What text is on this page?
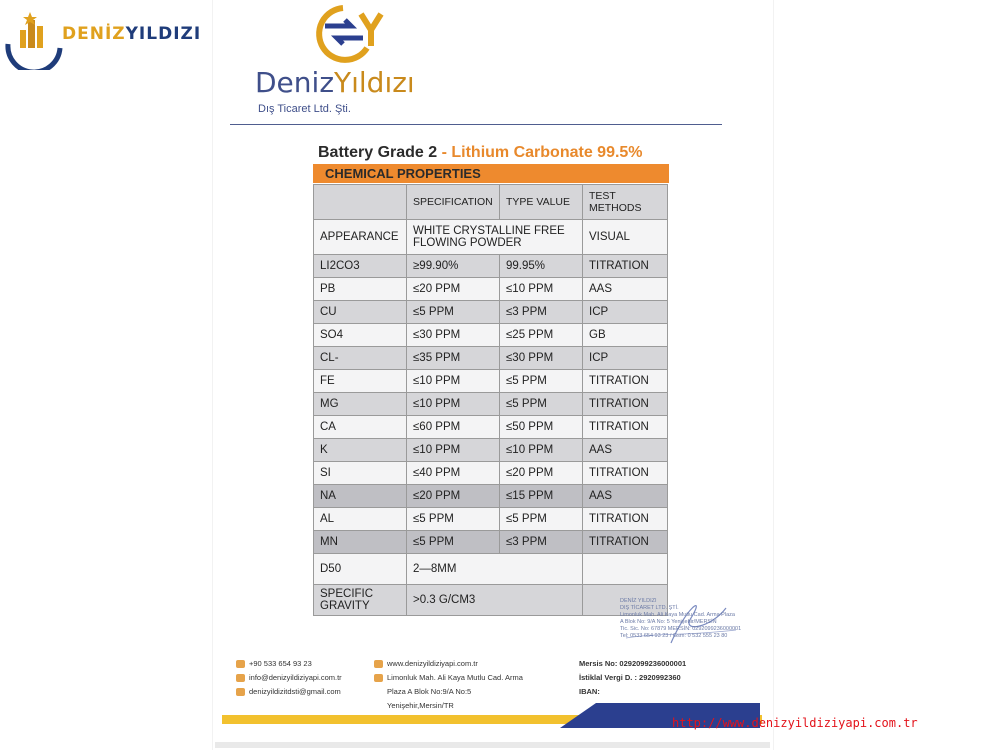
DENİZYILDIZI
DenizYıldızı
Dış Ticaret Ltd. Şti.
Battery Grade 2 - Lithium Carbonate 99.5%
CHEMICAL PROPERTIES
	SPECIFICATION	TYPE VALUE	TEST METHODS
APPEARANCE	WHITE CRYSTALLINE FREE FLOWING POWDER		VISUAL
LI2CO3	≥99.90%	99.95%	TITRATION
PB	≤20 PPM	≤10 PPM	AAS
CU	≤5 PPM	≤3 PPM	ICP
SO4	≤30 PPM	≤25 PPM	GB
CL-	≤35 PPM	≤30 PPM	ICP
FE	≤10 PPM	≤5 PPM	TITRATION
MG	≤10 PPM	≤5 PPM	TITRATION
CA	≤60 PPM	≤50 PPM	TITRATION
K	≤10 PPM	≤10 PPM	AAS
SI	≤40 PPM	≤20 PPM	TITRATION
NA	≤20 PPM	≤15 PPM	AAS
AL	≤5 PPM	≤5 PPM	TITRATION
MN	≤5 PPM	≤3 PPM	TITRATION
D50	2—8MM		
SPECIFIC GRAVITY	>0.3 G/CM3			DENİZ YILDIZI
DIŞ TİCARET LTD. ŞTİ.
Limonluk Mah. Ali Kaya Mutlu Cad. Arma Plaza
A Blok No: 9/A No: 5 Yenişehir/MERSİN
Tic. Sic. No: 67879 MERSİN: 0292099236000001
Tel: 0533 654 93 23 / Gsm: 0 532 555 23 80
+90 533 654 93 23
info@denizyildiziyapi.com.tr
denizyildizitdsti@gmail.com
www.denizyildiziyapi.com.tr
Limonluk Mah. Ali Kaya Mutlu Cad. Arma
Plaza A Blok No:9/A No:5
Yenişehir,Mersin/TR
Mersis No: 0292099236000001
İstiklal Vergi D. : 2920992360
IBAN:
http://www.denizyildiziyapi.com.tr
